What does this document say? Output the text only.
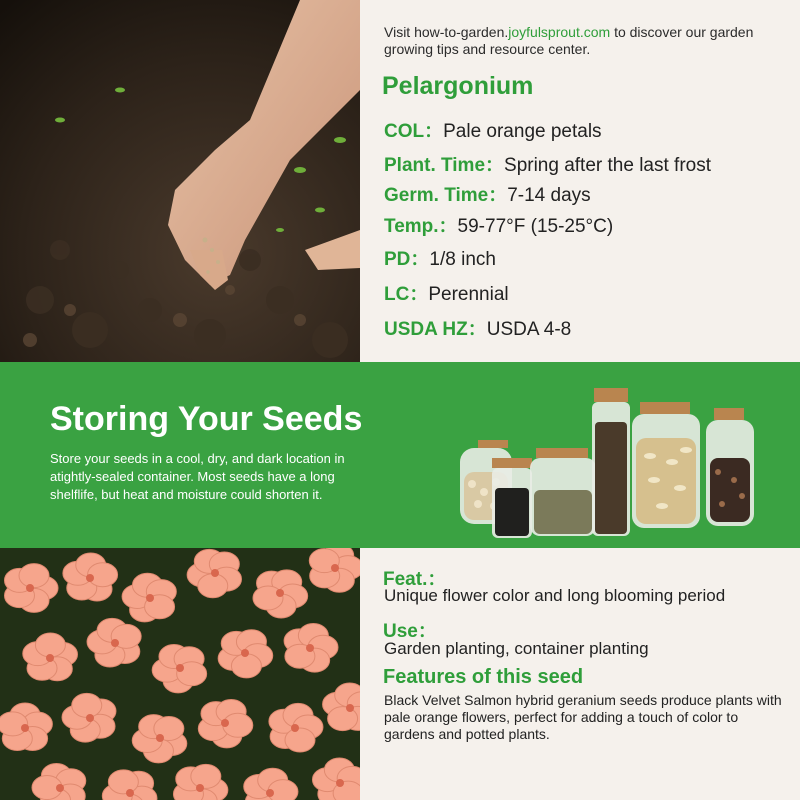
Visit how-to-garden.joyfulsprout.com to discover our garden growing tips and resource center.
Pelargonium
COL：Pale orange petals
Plant. Time：Spring after the last frost
Germ. Time：7-14 days
Temp.：59-77°F (15-25°C)
PD：1/8 inch
LC：Perennial
USDA HZ：USDA 4-8
Storing Your Seeds
Store your seeds in a cool, dry, and dark location in atightly-sealed container. Most seeds have a long shelflife, but heat and moisture could shorten it.
Feat.：
Unique flower color and long blooming period
Use：
Garden planting, container planting
Features of this seed
Black Velvet Salmon hybrid geranium seeds produce plants with pale orange flowers, perfect for adding a touch of color to gardens and potted plants.
